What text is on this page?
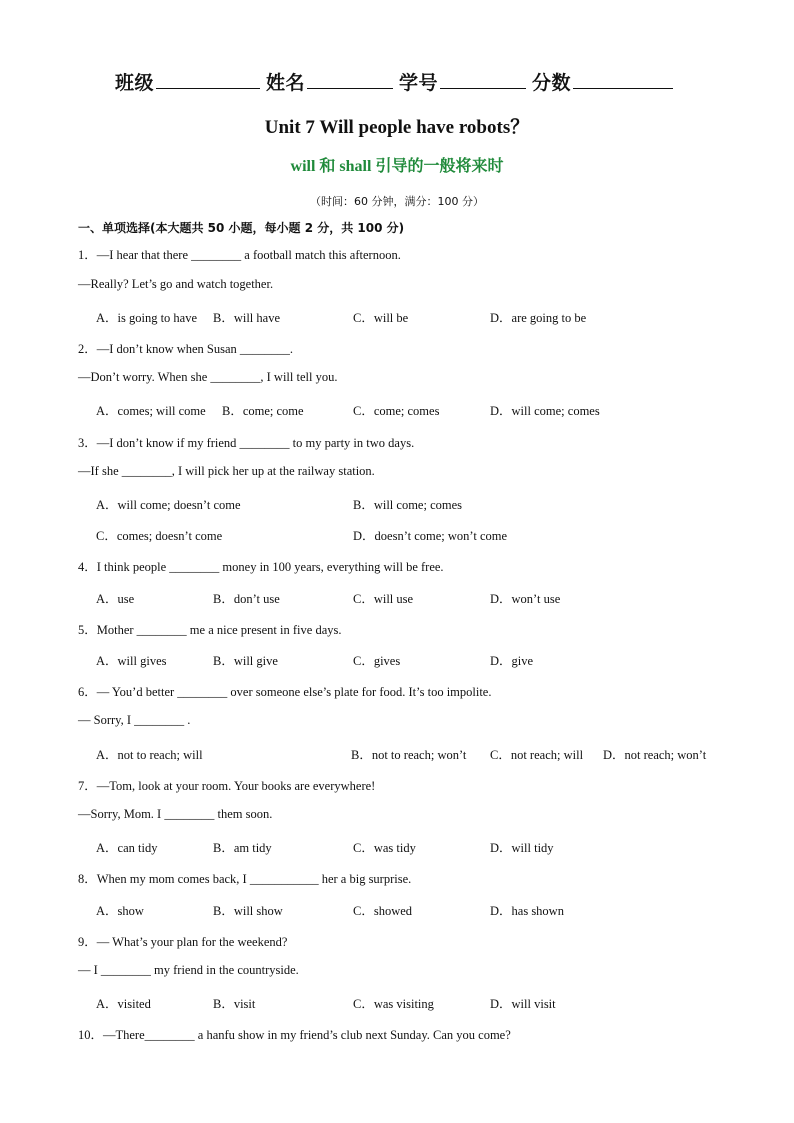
班级	姓名	学号	分数
Unit 7 Will people have robots？
will 和 shall 引导的一般将来时
（时间：60 分钟，满分：100 分）
一、单项选择(本大题共 50 小题，每小题 2 分，共 100 分)
1．—I hear that there ________ a football match this afternoon.
—Really? Let’s go and watch together.
A．is going to have B．will have	C．will be	D．are going to be
2．—I don’t know when Susan ________.
—Don’t worry. When she ________, I will tell you.
A．comes; will come B．come; come	C．come; comes	D．will come; comes
3．—I don’t know if my friend ________ to my party in two days.
—If she ________, I will pick her up at the railway station.
A．will come; doesn’t come	B．will come; comes
C．comes; doesn’t come	D．doesn’t come; won’t come
4．I think people ________ money in 100 years, everything will be free.
A．use	B．don’t use	C．will use	D．won’t use
5．Mother ________ me a nice present in five days.
A．will gives	B．will give	C．gives	D．give
6．— You’d better ________ over someone else’s plate for food. It’s too impolite.
— Sorry, I ________ .
A．not to reach; will	B．not to reach; won’t C．not reach; will D．not reach; won’t
7．—Tom, look at your room. Your books are everywhere!
—Sorry, Mom. I ________ them soon.
A．can tidy	B．am tidy	C．was tidy	D．will tidy
8．When my mom comes back, I ___________ her a big surprise.
A．show	B．will show	C．showed	D．has shown
9．— What’s your plan for the weekend?
— I ________ my friend in the countryside.
A．visited	B．visit	C．was visiting	D．will visit
10．—There________ a hanfu show in my friend’s club next Sunday. Can you come?
